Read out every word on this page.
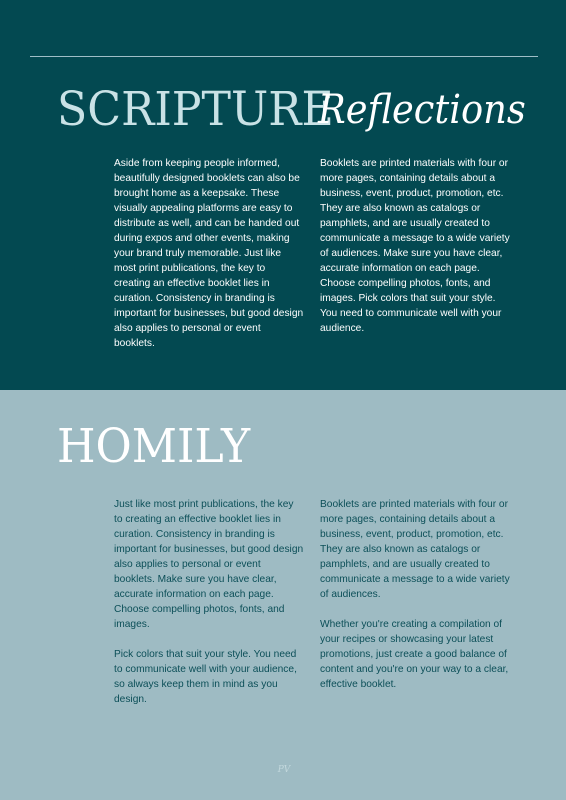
SCRIPTURE
Reflections
Aside from keeping people informed, beautifully designed booklets can also be brought home as a keepsake. These visually appealing platforms are easy to distribute as well, and can be handed out during expos and other events, making your brand truly memorable. Just like most print publications, the key to creating an effective booklet lies in curation. Consistency in branding is important for businesses, but good design also applies to personal or event booklets.
Booklets are printed materials with four or more pages, containing details about a business, event, product, promotion, etc. They are also known as catalogs or pamphlets, and are usually created to communicate a message to a wide variety of audiences. Make sure you have clear, accurate information on each page. Choose compelling photos, fonts, and images. Pick colors that suit your style. You need to communicate well with your audience.
HOMILY

Just like most print publications, the key to creating an effective booklet lies in curation. Consistency in branding is important for businesses, but good design also applies to personal or event booklets. Make sure you have clear, accurate information on each page. Choose compelling photos, fonts, and images.

Pick colors that suit your style. You need to communicate well with your audience, so always keep them in mind as you design.

Booklets are printed materials with four or more pages, containing details about a business, event, product, promotion, etc. They are also known as catalogs or pamphlets, and are usually created to communicate a message to a wide variety of audiences.

Whether you're creating a compilation of your recipes or showcasing your latest promotions, just create a good balance of content and you're on your way to a clear, effective booklet.

PV
